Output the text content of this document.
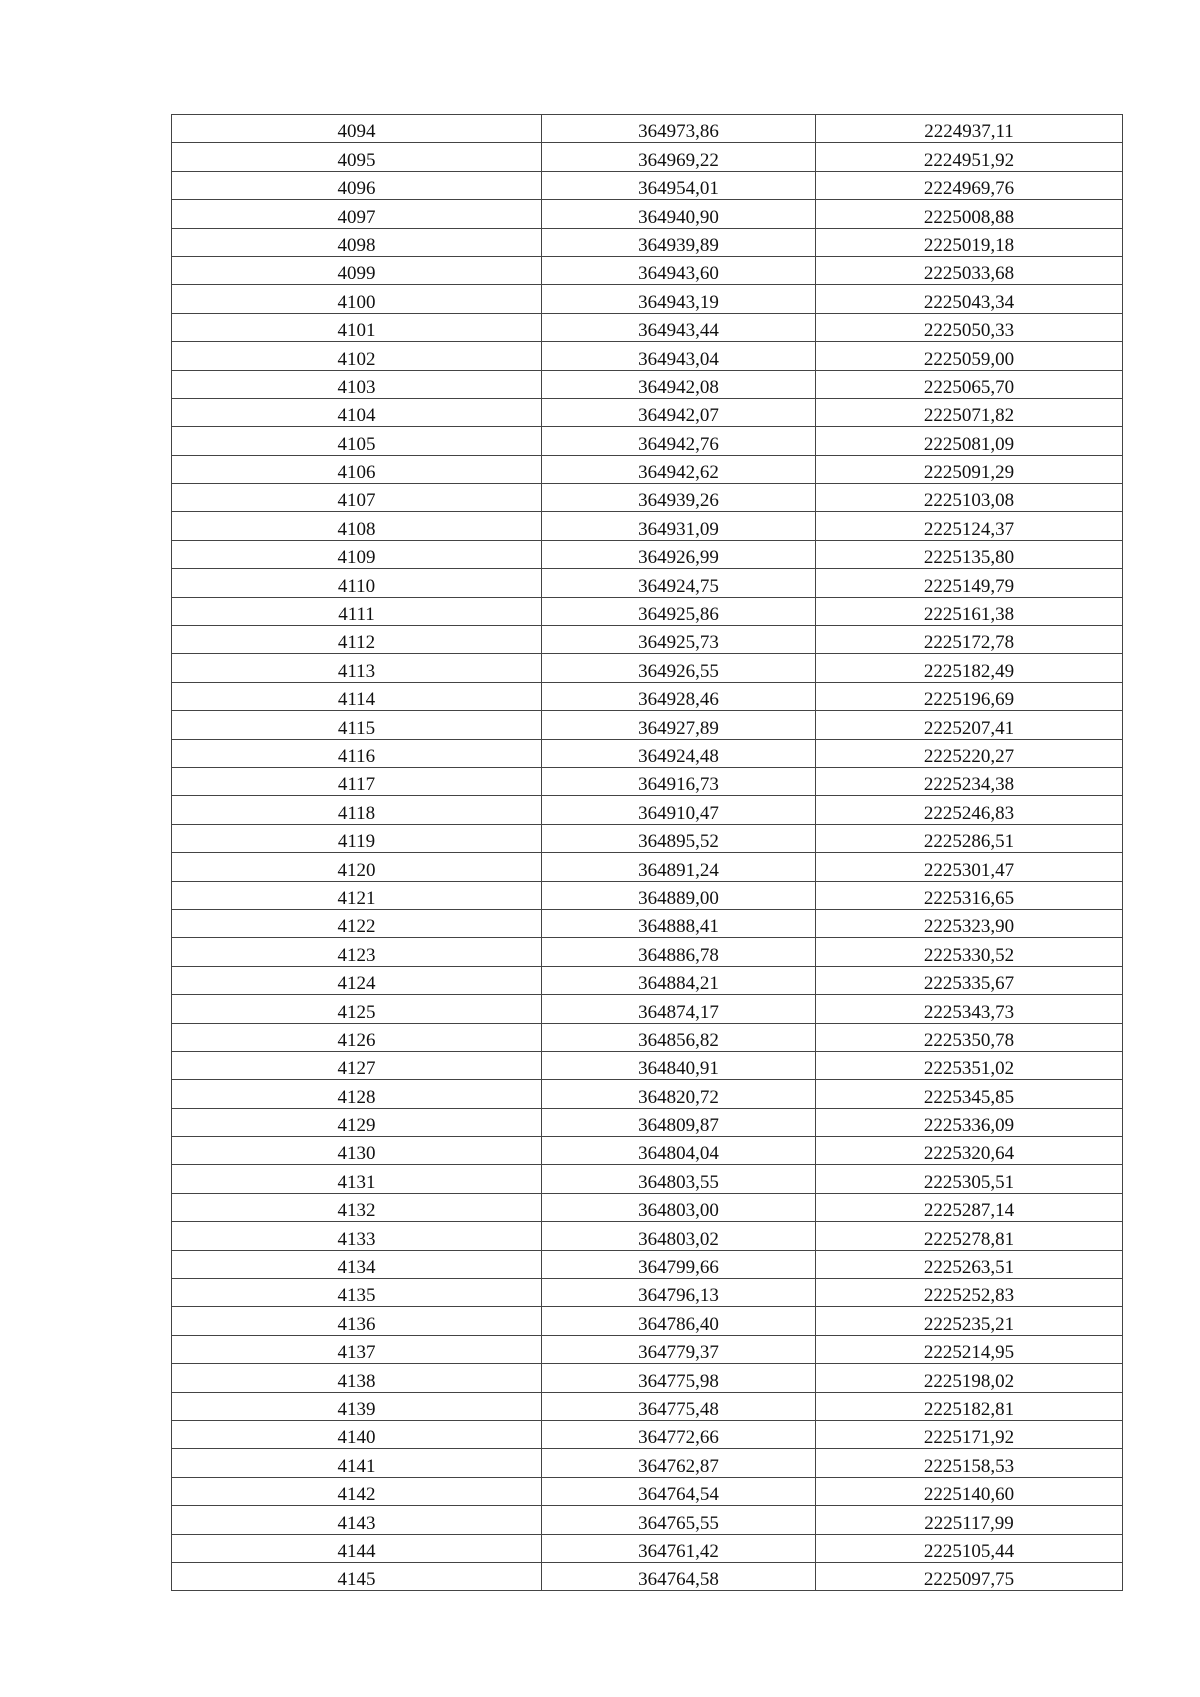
4094	364973,86	2224937,11
4095	364969,22	2224951,92
4096	364954,01	2224969,76
4097	364940,90	2225008,88
4098	364939,89	2225019,18
4099	364943,60	2225033,68
4100	364943,19	2225043,34
4101	364943,44	2225050,33
4102	364943,04	2225059,00
4103	364942,08	2225065,70
4104	364942,07	2225071,82
4105	364942,76	2225081,09
4106	364942,62	2225091,29
4107	364939,26	2225103,08
4108	364931,09	2225124,37
4109	364926,99	2225135,80
4110	364924,75	2225149,79
4111	364925,86	2225161,38
4112	364925,73	2225172,78
4113	364926,55	2225182,49
4114	364928,46	2225196,69
4115	364927,89	2225207,41
4116	364924,48	2225220,27
4117	364916,73	2225234,38
4118	364910,47	2225246,83
4119	364895,52	2225286,51
4120	364891,24	2225301,47
4121	364889,00	2225316,65
4122	364888,41	2225323,90
4123	364886,78	2225330,52
4124	364884,21	2225335,67
4125	364874,17	2225343,73
4126	364856,82	2225350,78
4127	364840,91	2225351,02
4128	364820,72	2225345,85
4129	364809,87	2225336,09
4130	364804,04	2225320,64
4131	364803,55	2225305,51
4132	364803,00	2225287,14
4133	364803,02	2225278,81
4134	364799,66	2225263,51
4135	364796,13	2225252,83
4136	364786,40	2225235,21
4137	364779,37	2225214,95
4138	364775,98	2225198,02
4139	364775,48	2225182,81
4140	364772,66	2225171,92
4141	364762,87	2225158,53
4142	364764,54	2225140,60
4143	364765,55	2225117,99
4144	364761,42	2225105,44
4145	364764,58	2225097,75
